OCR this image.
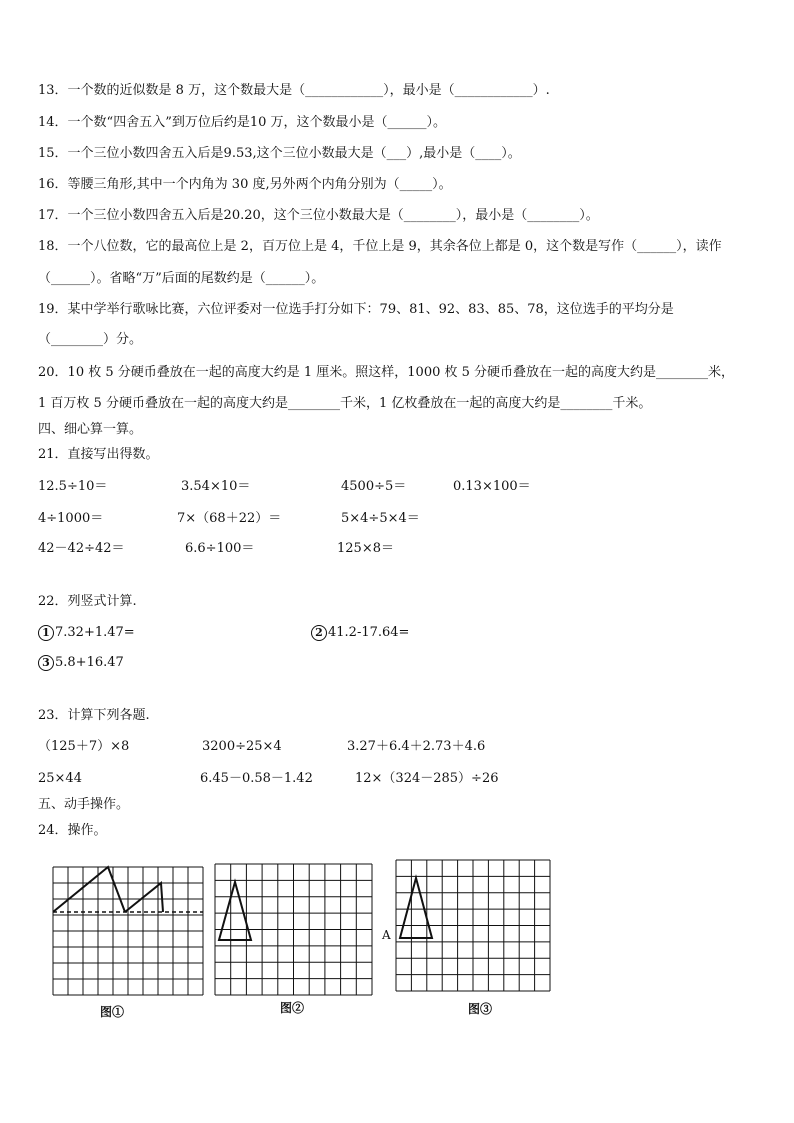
13．一个数的近似数是 8 万，这个数最大是（____________），最小是（____________）.
14．一个数“四舍五入”到万位后约是10 万，这个数最小是（______）。
15．一个三位小数四舍五入后是9.53,这个三位小数最大是（___）,最小是（____）。
16．等腰三角形,其中一个内角为 30 度,另外两个内角分别为（_____）。
17．一个三位小数四舍五入后是20.20，这个三位小数最大是（________），最小是（________）。
18．一个八位数，它的最高位上是 2，百万位上是 4，千位上是 9，其余各位上都是 0，这个数是写作（______），读作
（______）。省略“万”后面的尾数约是（______）。
19．某中学举行歌咏比赛，六位评委对一位选手打分如下：79、81、92、83、85、78，这位选手的平均分是
（________）分。
20．10 枚 5 分硬币叠放在一起的高度大约是 1 厘米。照这样，1000 枚 5 分硬币叠放在一起的高度大约是________米，
1 百万枚 5 分硬币叠放在一起的高度大约是________千米，1 亿枚叠放在一起的高度大约是________千米。
四、细心算一算。
21．直接写出得数。
12.5÷10＝	3.54×10＝	4500÷5＝	0.13×100＝
4÷1000＝	7×（68＋22）＝	5×4÷5×4＝
42－42÷42＝	6.6÷100＝	125×8＝
22．列竖式计算.
1 7.32+1.47=	2 41.2-17.64=
3 5.8+16.47
23．计算下列各题.
（125＋7）×8	3200÷25×4	3.27＋6.4＋2.73＋4.6
25×44	6.45－0.58－1.42	12×（324－285）÷26
五、动手操作。
24．操作。
图①	图②
A
图③
